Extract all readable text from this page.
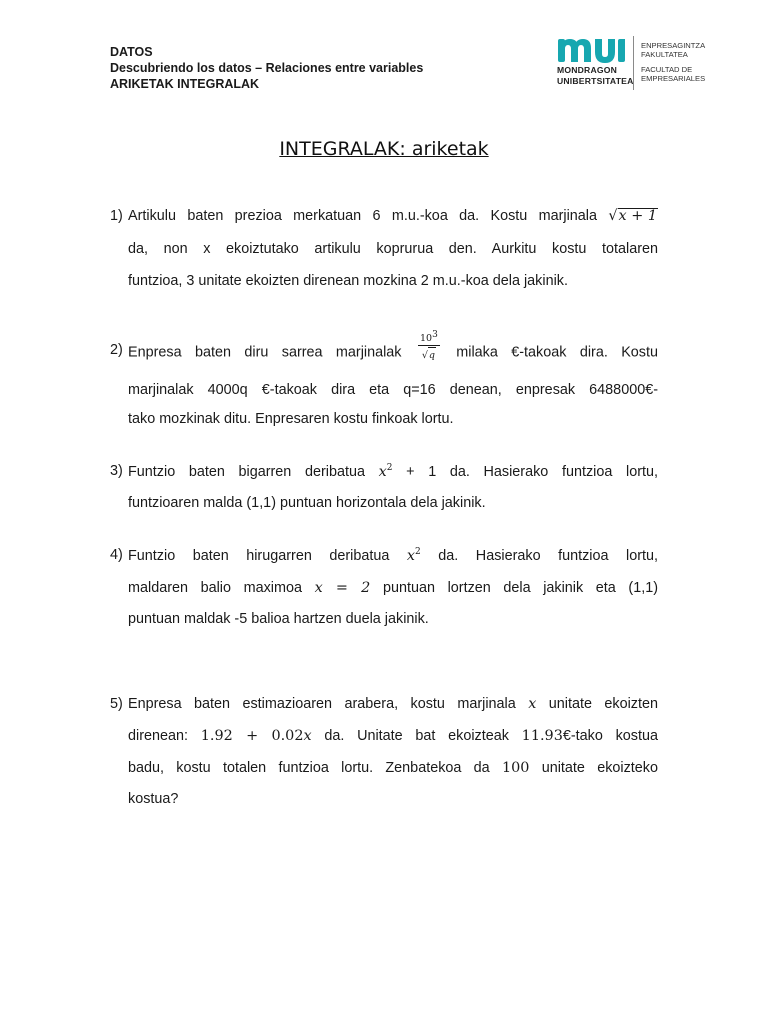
DATOS
Descubriendo los datos – Relaciones entre variables
ARIKETAK INTEGRALAK
MONDRAGON
UNIBERTSITATEA
ENPRESAGINTZA
FAKULTATEA
FACULTAD DE
EMPRESARIALES
INTEGRALAK: ariketak
1) Artikulu baten prezioa merkatuan 6 m.u.-koa da. Kostu marjinala √x + 1
da, non x ekoiztutako artikulu koprurua den. Aurkitu kostu totalaren
funtzioa, 3 unitate ekoizten direnean mozkina 2 m.u.-koa dela jakinik.
2) Enpresa baten diru sarrea marjinalak $\frac{10^3}{√q}$ milaka €-takoak dira. Kostu
marjinalak 4000q €-takoak dira eta q=16 denean, enpresak 6488000€-
tako mozkinak ditu. Enpresaren kostu finkoak lortu.
3) Funtzio baten bigarren deribatua $x^2 + 1$ da. Hasierako funtzioa lortu,
funtzioaren malda (1,1) puntuan horizontala dela jakinik.
4) Funtzio baten hirugarren deribatua $x^2$ da. Hasierako funtzioa lortu,
maldaren balio maximoa x = 2 puntuan lortzen dela jakinik eta (1,1)
puntuan maldak -5 balioa hartzen duela jakinik.
5) Enpresa baten estimazioaren arabera, kostu marjinala x unitate ekoizten
direnean: 1.92 + 0.02x da. Unitate bat ekoizteak 11.93€-tako kostua
badu, kostu totalen funtzioa lortu. Zenbatekoa da 100 unitate ekoizteko
kostua?
